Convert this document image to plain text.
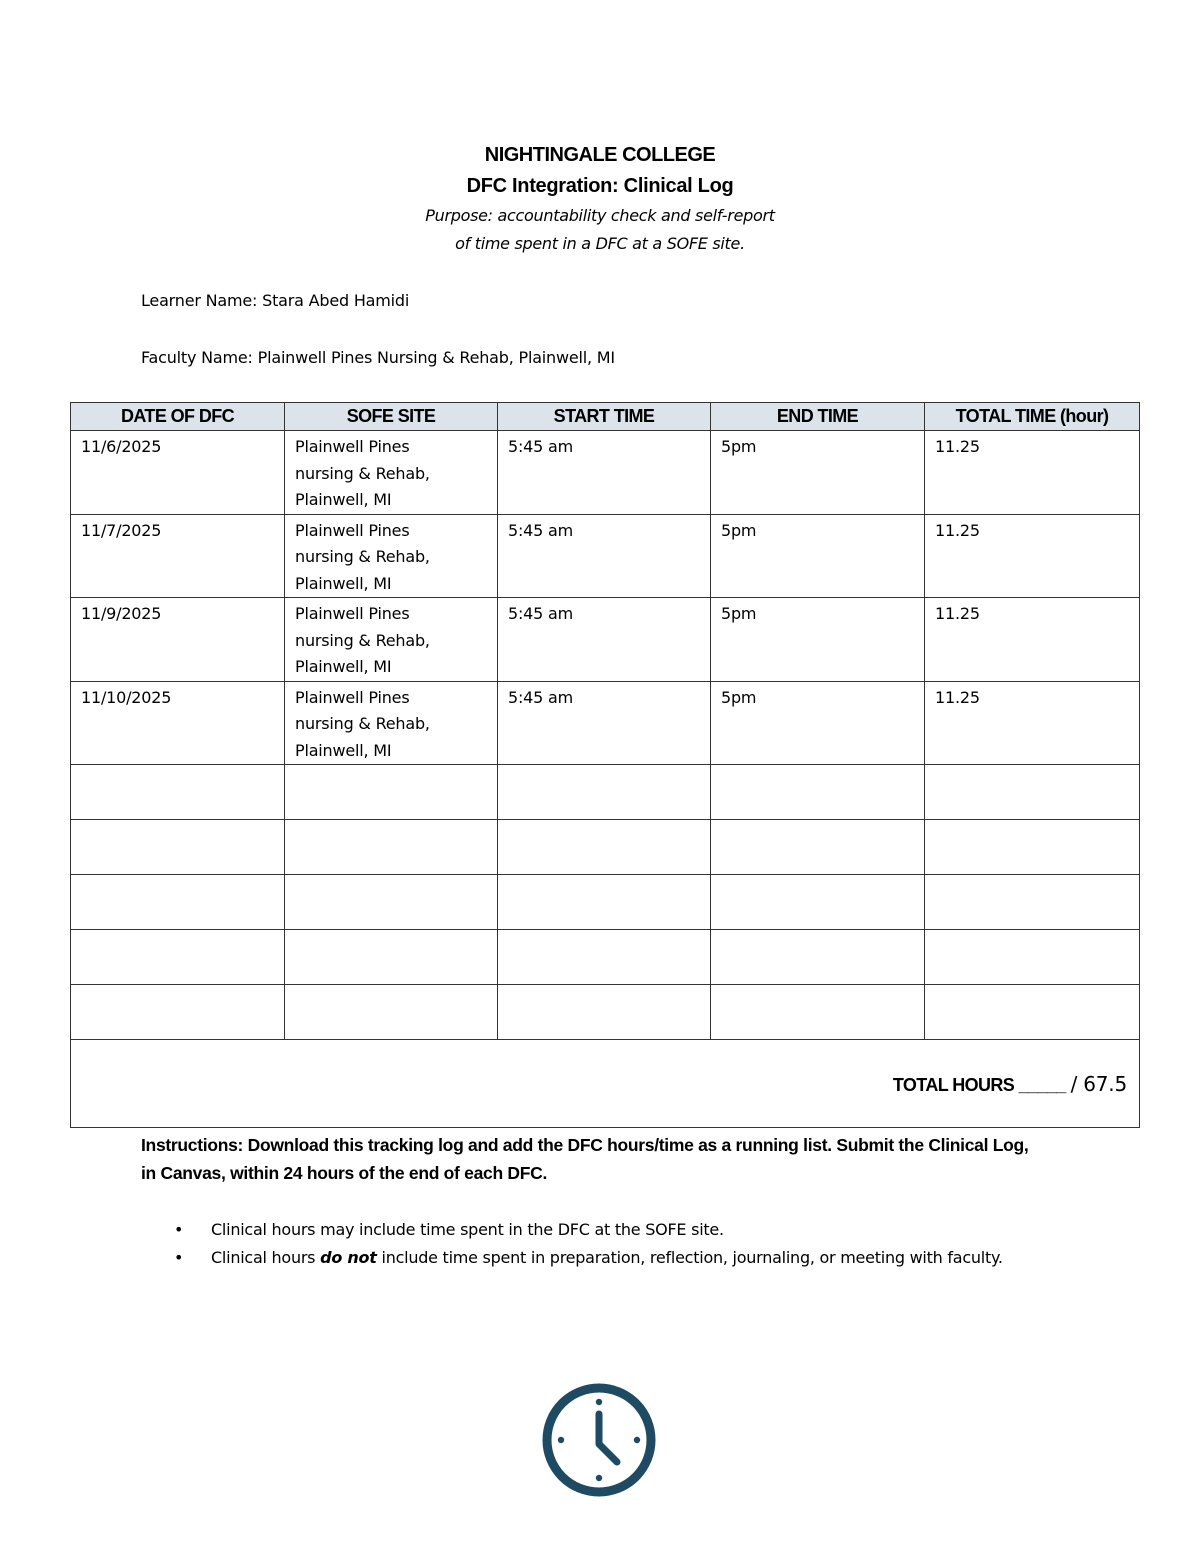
NIGHTINGALE COLLEGE
DFC Integration: Clinical Log
Purpose: accountability check and self-report
of time spent in a DFC at a SOFE site.
Learner Name: Stara Abed Hamidi
Faculty Name: Plainwell Pines Nursing & Rehab, Plainwell, MI
DATE OF DFC	SOFE SITE	START TIME	END TIME	TOTAL TIME (hour)
11/6/2025	Plainwell Pines
nursing & Rehab,
Plainwell, MI	5:45 am	5pm	11.25
11/7/2025	Plainwell Pines
nursing & Rehab,
Plainwell, MI	5:45 am	5pm	11.25
11/9/2025	Plainwell Pines
nursing & Rehab,
Plainwell, MI	5:45 am	5pm	11.25
11/10/2025	Plainwell Pines
nursing & Rehab,
Plainwell, MI	5:45 am	5pm	11.25

TOTAL HOURS _____ / 67.5				

Instructions: Download this tracking log and add the DFC hours/time as a running list. Submit the Clinical Log, in Canvas, within 24 hours of the end of each DFC.

• Clinical hours may include time spent in the DFC at the SOFE site.
• Clinical hours do not include time spent in preparation, reflection, journaling, or meeting with faculty.
